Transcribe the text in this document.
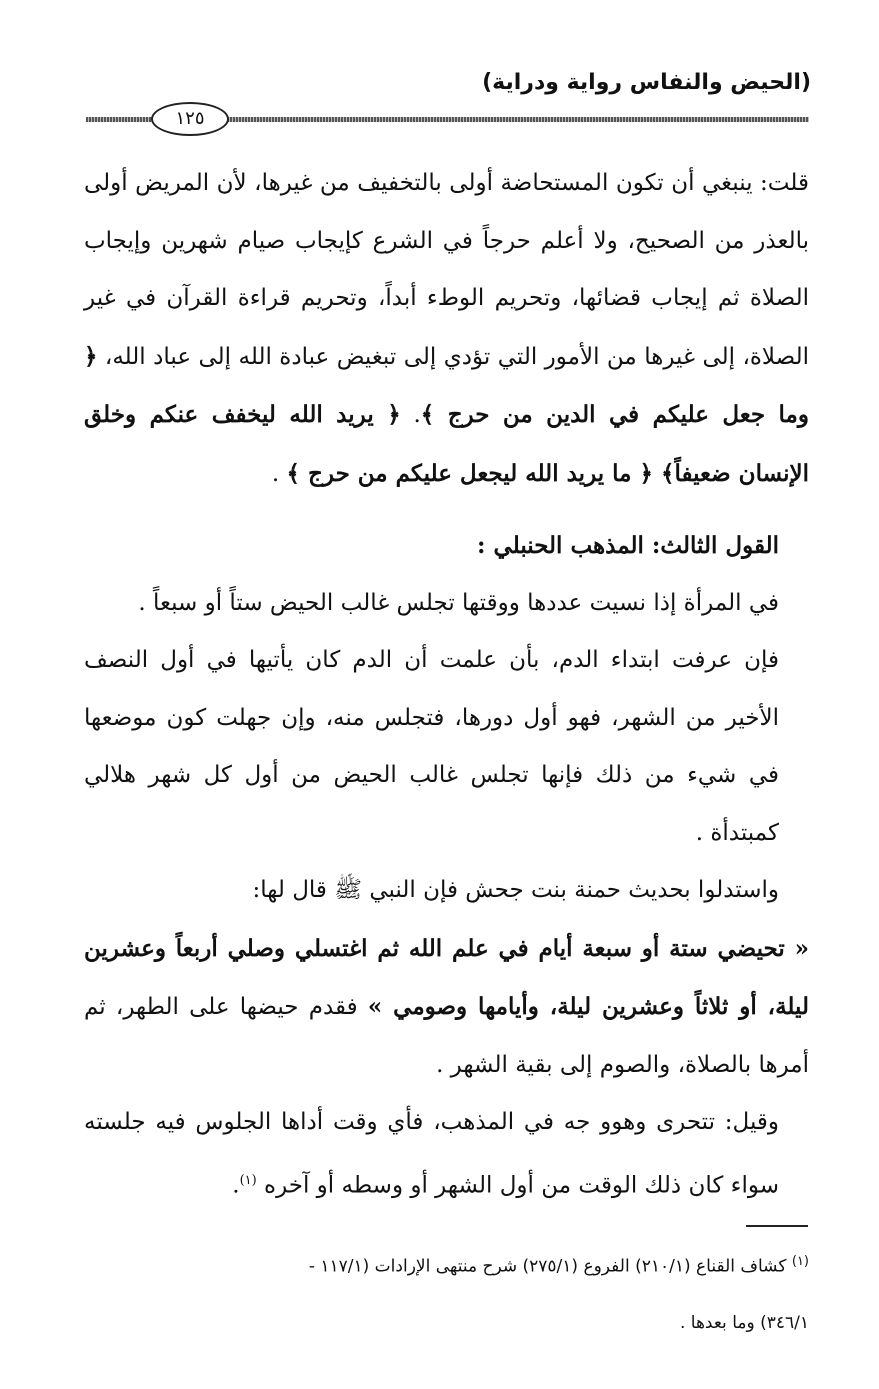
(الحيض والنفاس رواية ودراية)
١٢٥

قلت: ينبغي أن تكون المستحاضة أولى بالتخفيف من غيرها، لأن المريض أولى بالعذر من الصحيح، ولا أعلم حرجاً في الشرع كإيجاب صيام شهرين وإيجاب الصلاة ثم إيجاب قضائها، وتحريم الوطء أبداً، وتحريم قراءة القرآن في غير الصلاة، إلى غيرها من الأمور التي تؤدي إلى تبغيض عبادة الله إلى عباد الله، ﴿ وما جعل عليكم في الدين من حرج ﴾. ﴿ يريد الله ليخفف عنكم وخلق الإنسان ضعيفاً﴾ ﴿ ما يريد الله ليجعل عليكم من حرج ﴾ .

القول الثالث: المذهب الحنبلي :

في المرأة إذا نسيت عددها ووقتها تجلس غالب الحيض ستاً أو سبعاً .

فإن عرفت ابتداء الدم، بأن علمت أن الدم كان يأتيها في أول النصف الأخير من الشهر، فهو أول دورها، فتجلس منه، وإن جهلت كون موضعها في شيء من ذلك فإنها تجلس غالب الحيض من أول كل شهر هلالي كمبتدأة .

واستدلوا بحديث حمنة بنت جحش فإن النبي ﷺ قال لها:

« تحيضي ستة أو سبعة أيام في علم الله ثم اغتسلي وصلي أربعاً وعشرين ليلة، أو ثلاثاً وعشرين ليلة، وأيامها وصومي » فقدم حيضها على الطهر، ثم أمرها بالصلاة، والصوم إلى بقية الشهر .

وقيل: تتحرى وهوو جه في المذهب، فأي وقت أداها الجلوس فيه جلسته سواء كان ذلك الوقت من أول الشهر أو وسطه أو آخره $^{(١)}$.

$^{(١)}$ كشاف القناع (٢١٠/١) الفروع (٢٧٥/١) شرح منتهى الإرادات (١١٧/١ -

٣٤٦/١) وما بعدها .
